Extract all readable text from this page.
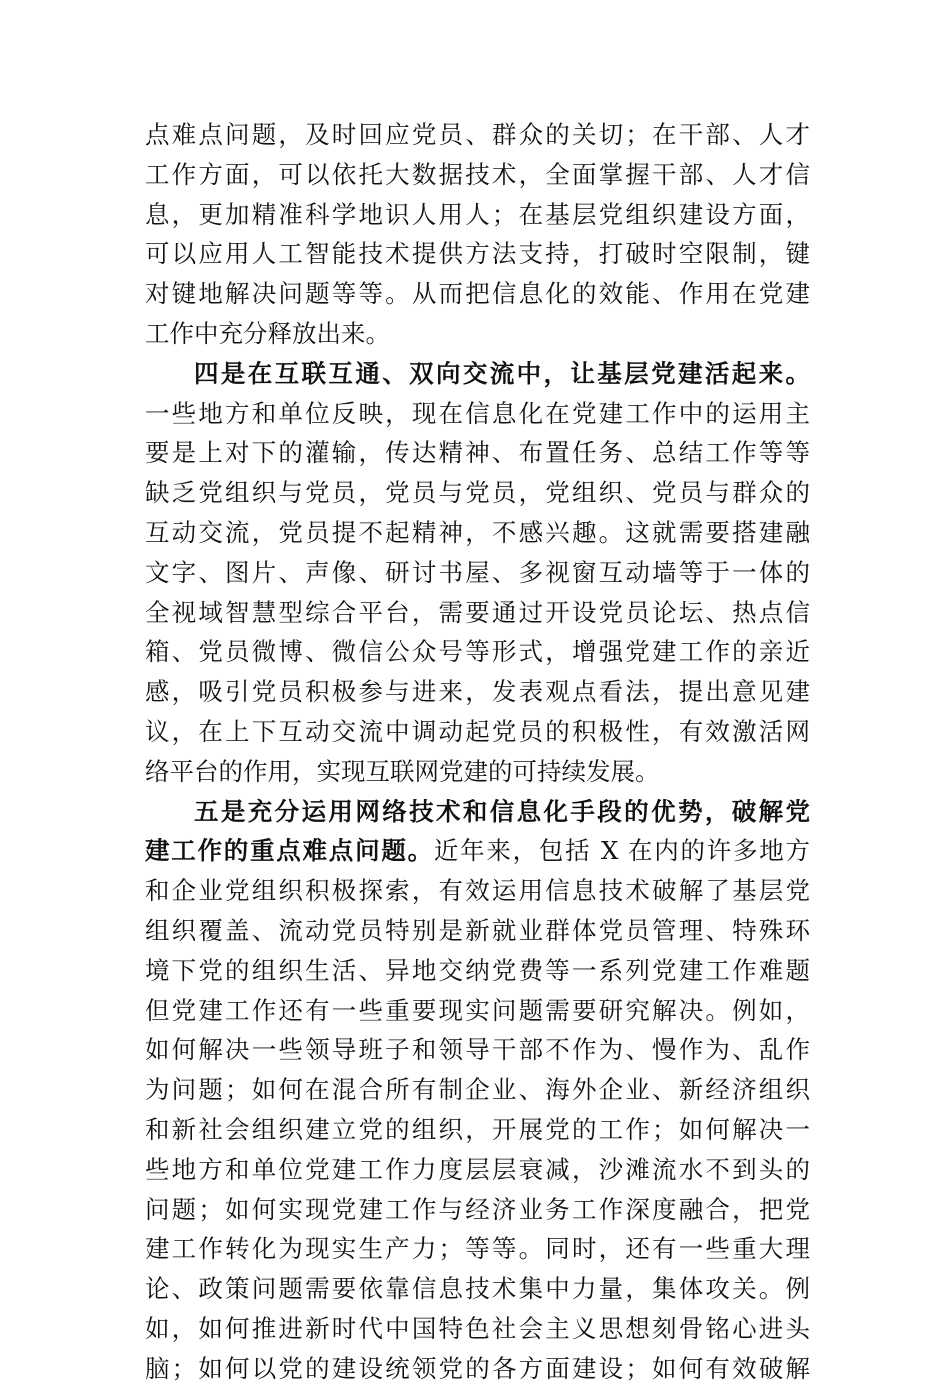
点难点问题，及时回应党员、群众的关切；在干部、人才
工作方面，可以依托大数据技术，全面掌握干部、人才信
息，更加精准科学地识人用人；在基层党组织建设方面，
可以应用人工智能技术提供方法支持，打破时空限制，键
对键地解决问题等等。从而把信息化的效能、作用在党建
工作中充分释放出来。
四是在互联互通、双向交流中，让基层党建活起来。
一些地方和单位反映，现在信息化在党建工作中的运用主
要是上对下的灌输，传达精神、布置任务、总结工作等等
缺乏党组织与党员，党员与党员，党组织、党员与群众的
互动交流，党员提不起精神，不感兴趣。这就需要搭建融
文字、图片、声像、研讨书屋、多视窗互动墙等于一体的
全视域智慧型综合平台，需要通过开设党员论坛、热点信
箱、党员微博、微信公众号等形式，增强党建工作的亲近
感，吸引党员积极参与进来，发表观点看法，提出意见建
议，在上下互动交流中调动起党员的积极性，有效激活网
络平台的作用，实现互联网党建的可持续发展。
五是充分运用网络技术和信息化手段的优势，破解党
建工作的重点难点问题。近年来，包括 X 在内的许多地方
和企业党组织积极探索，有效运用信息技术破解了基层党
组织覆盖、流动党员特别是新就业群体党员管理、特殊环
境下党的组织生活、异地交纳党费等一系列党建工作难题
但党建工作还有一些重要现实问题需要研究解决。例如，
如何解决一些领导班子和领导干部不作为、慢作为、乱作
为问题；如何在混合所有制企业、海外企业、新经济组织
和新社会组织建立党的组织，开展党的工作；如何解决一
些地方和单位党建工作力度层层衰减，沙滩流水不到头的
问题；如何实现党建工作与经济业务工作深度融合，把党
建工作转化为现实生产力；等等。同时，还有一些重大理
论、政策问题需要依靠信息技术集中力量，集体攻关。例
如，如何推进新时代中国特色社会主义思想刻骨铭心进头
脑；如何以党的建设统领党的各方面建设；如何有效破解
